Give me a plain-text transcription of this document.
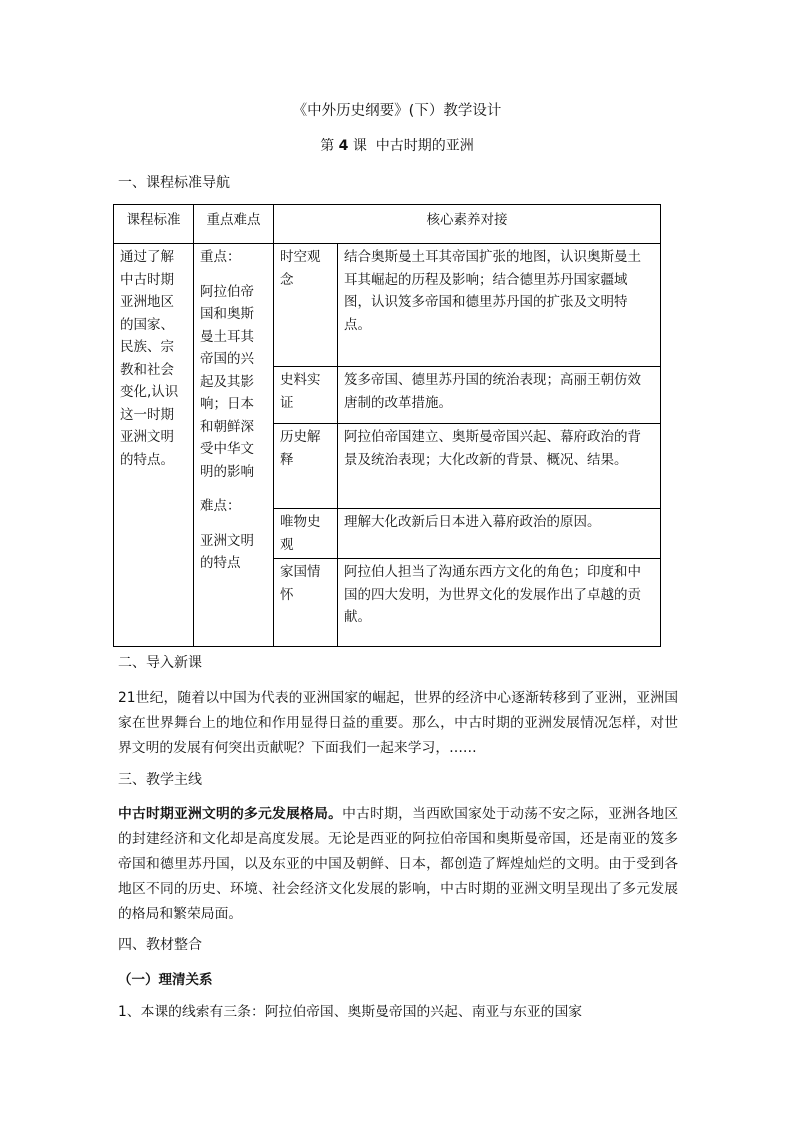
《中外历史纲要》(下）教学设计
第 4 课 中古时期的亚洲
一、课程标准导航
课程标准	重点难点	核心素养对接	
通过了解中古时期亚洲地区的国家、民族、宗教和社会变化,认识这一时期亚洲文明的特点。	重点：

阿拉伯帝国和奥斯曼土耳其帝国的兴起及其影响；日本和朝鲜深受中华文明的影响

难点：

亚洲文明的特点	时空观念	结合奥斯曼土耳其帝国扩张的地图，认识奥斯曼土耳其崛起的历程及影响；结合德里苏丹国家疆域图，认识笈多帝国和德里苏丹国的扩张及文明特点。
		史料实证	笈多帝国、德里苏丹国的统治表现；高丽王朝仿效唐制的改革措施。
		历史解释	阿拉伯帝国建立、奥斯曼帝国兴起、幕府政治的背景及统治表现；大化改新的背景、概况、结果。
		唯物史观	理解大化改新后日本进入幕府政治的原因。
		家国情怀	阿拉伯人担当了沟通东西方文化的角色；印度和中国的四大发明，为世界文化的发展作出了卓越的贡献。
二、导入新课
21世纪，随着以中国为代表的亚洲国家的崛起，世界的经济中心逐渐转移到了亚洲，亚洲国家在世界舞台上的地位和作用显得日益的重要。那么，中古时期的亚洲发展情况怎样，对世界文明的发展有何突出贡献呢？下面我们一起来学习，……
三、教学主线
中古时期亚洲文明的多元发展格局。中古时期，当西欧国家处于动荡不安之际，亚洲各地区的封建经济和文化却是高度发展。无论是西亚的阿拉伯帝国和奥斯曼帝国，还是南亚的笈多帝国和德里苏丹国，以及东亚的中国及朝鲜、日本，都创造了辉煌灿烂的文明。由于受到各地区不同的历史、环境、社会经济文化发展的影响，中古时期的亚洲文明呈现出了多元发展的格局和繁荣局面。
四、教材整合
（一）理清关系
1、本课的线索有三条：阿拉伯帝国、奥斯曼帝国的兴起、南亚与东亚的国家
